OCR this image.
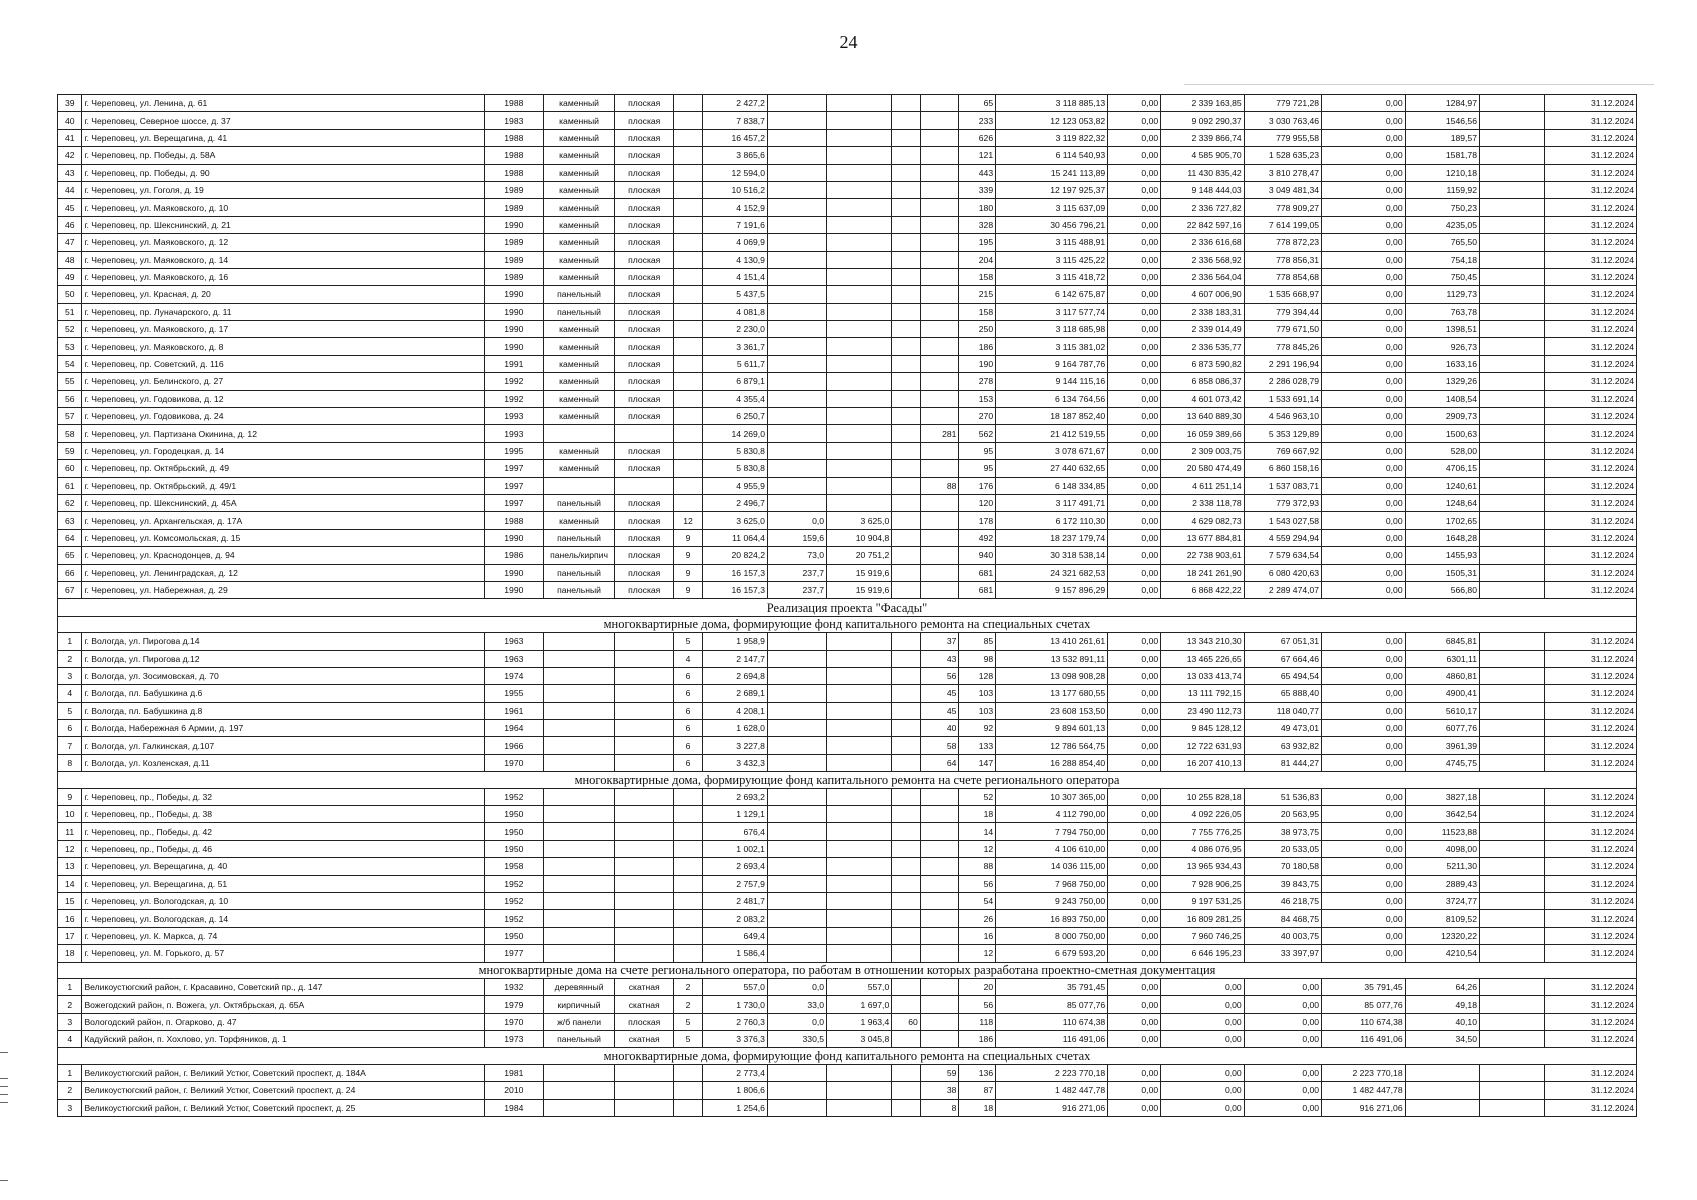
24
39	г. Череповец, ул. Ленина, д. 61	1988	каменный	плоская		2 427,2					65	3 118 885,13	0,00	2 339 163,85	779 721,28	0,00	1284,97		31.12.2024
40	г. Череповец, Северное шоссе, д. 37	1983	каменный	плоская		7 838,7					233	12 123 053,82	0,00	9 092 290,37	3 030 763,46	0,00	1546,56		31.12.2024
41	г. Череповец, ул. Верещагина, д. 41	1988	каменный	плоская		16 457,2					626	3 119 822,32	0,00	2 339 866,74	779 955,58	0,00	189,57		31.12.2024
42	г. Череповец, пр. Победы, д. 58А	1988	каменный	плоская		3 865,6					121	6 114 540,93	0,00	4 585 905,70	1 528 635,23	0,00	1581,78		31.12.2024
43	г. Череповец, пр. Победы, д. 90	1988	каменный	плоская		12 594,0					443	15 241 113,89	0,00	11 430 835,42	3 810 278,47	0,00	1210,18		31.12.2024
44	г. Череповец, ул. Гоголя, д. 19	1989	каменный	плоская		10 516,2					339	12 197 925,37	0,00	9 148 444,03	3 049 481,34	0,00	1159,92		31.12.2024
45	г. Череповец, ул. Маяковского, д. 10	1989	каменный	плоская		4 152,9					180	3 115 637,09	0,00	2 336 727,82	778 909,27	0,00	750,23		31.12.2024
46	г. Череповец, пр. Шекснинский, д. 21	1990	каменный	плоская		7 191,6					328	30 456 796,21	0,00	22 842 597,16	7 614 199,05	0,00	4235,05		31.12.2024
47	г. Череповец, ул. Маяковского, д. 12	1989	каменный	плоская		4 069,9					195	3 115 488,91	0,00	2 336 616,68	778 872,23	0,00	765,50		31.12.2024
48	г. Череповец, ул. Маяковского, д. 14	1989	каменный	плоская		4 130,9					204	3 115 425,22	0,00	2 336 568,92	778 856,31	0,00	754,18		31.12.2024
49	г. Череповец, ул. Маяковского, д. 16	1989	каменный	плоская		4 151,4					158	3 115 418,72	0,00	2 336 564,04	778 854,68	0,00	750,45		31.12.2024
50	г. Череповец, ул. Красная, д. 20	1990	панельный	плоская		5 437,5					215	6 142 675,87	0,00	4 607 006,90	1 535 668,97	0,00	1129,73		31.12.2024
51	г. Череповец, пр. Луначарского, д. 11	1990	панельный	плоская		4 081,8					158	3 117 577,74	0,00	2 338 183,31	779 394,44	0,00	763,78		31.12.2024
52	г. Череповец, ул. Маяковского, д. 17	1990	каменный	плоская		2 230,0					250	3 118 685,98	0,00	2 339 014,49	779 671,50	0,00	1398,51		31.12.2024
53	г. Череповец, ул. Маяковского, д. 8	1990	каменный	плоская		3 361,7					186	3 115 381,02	0,00	2 336 535,77	778 845,26	0,00	926,73		31.12.2024
54	г. Череповец, пр. Советский, д. 116	1991	каменный	плоская		5 611,7					190	9 164 787,76	0,00	6 873 590,82	2 291 196,94	0,00	1633,16		31.12.2024
55	г. Череповец, ул. Белинского, д. 27	1992	каменный	плоская		6 879,1					278	9 144 115,16	0,00	6 858 086,37	2 286 028,79	0,00	1329,26		31.12.2024
56	г. Череповец, ул. Годовикова, д. 12	1992	каменный	плоская		4 355,4					153	6 134 764,56	0,00	4 601 073,42	1 533 691,14	0,00	1408,54		31.12.2024
57	г. Череповец, ул. Годовикова, д. 24	1993	каменный	плоская		6 250,7					270	18 187 852,40	0,00	13 640 889,30	4 546 963,10	0,00	2909,73		31.12.2024
58	г. Череповец, ул. Партизана Окинина, д. 12	1993				14 269,0				281	562	21 412 519,55	0,00	16 059 389,66	5 353 129,89	0,00	1500,63		31.12.2024
59	г. Череповец, ул. Городецкая, д. 14	1995	каменный	плоская		5 830,8					95	3 078 671,67	0,00	2 309 003,75	769 667,92	0,00	528,00		31.12.2024
60	г. Череповец, пр. Октябрьский, д. 49	1997	каменный	плоская		5 830,8					95	27 440 632,65	0,00	20 580 474,49	6 860 158,16	0,00	4706,15		31.12.2024
61	г. Череповец, пр. Октябрьский, д. 49/1	1997				4 955,9				88	176	6 148 334,85	0,00	4 611 251,14	1 537 083,71	0,00	1240,61		31.12.2024
62	г. Череповец, пр. Шекснинский, д. 45А	1997	панельный	плоская		2 496,7					120	3 117 491,71	0,00	2 338 118,78	779 372,93	0,00	1248,64		31.12.2024
63	г. Череповец, ул. Архангельская, д. 17А	1988	каменный	плоская	12	3 625,0	0,0	3 625,0			178	6 172 110,30	0,00	4 629 082,73	1 543 027,58	0,00	1702,65		31.12.2024
64	г. Череповец, ул. Комсомольская, д. 15	1990	панельный	плоская	9	11 064,4	159,6	10 904,8			492	18 237 179,74	0,00	13 677 884,81	4 559 294,94	0,00	1648,28		31.12.2024
65	г. Череповец, ул. Краснодонцев, д. 94	1986	панель/кирпич	плоская	9	20 824,2	73,0	20 751,2			940	30 318 538,14	0,00	22 738 903,61	7 579 634,54	0,00	1455,93		31.12.2024
66	г. Череповец, ул. Ленинградская, д. 12	1990	панельный	плоская	9	16 157,3	237,7	15 919,6			681	24 321 682,53	0,00	18 241 261,90	6 080 420,63	0,00	1505,31		31.12.2024
67	г. Череповец, ул. Набережная, д. 29	1990	панельный	плоская	9	16 157,3	237,7	15 919,6			681	9 157 896,29	0,00	6 868 422,22	2 289 474,07	0,00	566,80		31.12.2024
Реализация проекта "Фасады"																			
многоквартирные дома, формирующие фонд капитального ремонта на специальных счетах																			
1	г. Вологда, ул. Пирогова д.14	1963			5	1 958,9				37	85	13 410 261,61	0,00	13 343 210,30	67 051,31	0,00	6845,81		31.12.2024
2	г. Вологда, ул. Пирогова д.12	1963			4	2 147,7				43	98	13 532 891,11	0,00	13 465 226,65	67 664,46	0,00	6301,11		31.12.2024
3	г. Вологда, ул. Зосимовская, д. 70	1974			6	2 694,8				56	128	13 098 908,28	0,00	13 033 413,74	65 494,54	0,00	4860,81		31.12.2024
4	г. Вологда, пл. Бабушкина д.6	1955			6	2 689,1				45	103	13 177 680,55	0,00	13 111 792,15	65 888,40	0,00	4900,41		31.12.2024
5	г. Вологда, пл. Бабушкина д.8	1961			6	4 208,1				45	103	23 608 153,50	0,00	23 490 112,73	118 040,77	0,00	5610,17		31.12.2024
6	г. Вологда, Набережная 6 Армии, д. 197	1964			6	1 628,0				40	92	9 894 601,13	0,00	9 845 128,12	49 473,01	0,00	6077,76		31.12.2024
7	г. Вологда, ул. Галкинская, д.107	1966			6	3 227,8				58	133	12 786 564,75	0,00	12 722 631,93	63 932,82	0,00	3961,39		31.12.2024
8	г. Вологда, ул. Козленская, д.11	1970			6	3 432,3				64	147	16 288 854,40	0,00	16 207 410,13	81 444,27	0,00	4745,75		31.12.2024
многоквартирные дома, формирующие фонд капитального ремонта на счете регионального оператора																			
9	г. Череповец, пр., Победы, д. 32	1952				2 693,2					52	10 307 365,00	0,00	10 255 828,18	51 536,83	0,00	3827,18		31.12.2024
10	г. Череповец, пр., Победы, д. 38	1950				1 129,1					18	4 112 790,00	0,00	4 092 226,05	20 563,95	0,00	3642,54		31.12.2024
11	г. Череповец, пр., Победы, д. 42	1950				676,4					14	7 794 750,00	0,00	7 755 776,25	38 973,75	0,00	11523,88		31.12.2024
12	г. Череповец, пр., Победы, д. 46	1950				1 002,1					12	4 106 610,00	0,00	4 086 076,95	20 533,05	0,00	4098,00		31.12.2024
13	г. Череповец, ул. Верещагина, д. 40	1958				2 693,4					88	14 036 115,00	0,00	13 965 934,43	70 180,58	0,00	5211,30		31.12.2024
14	г. Череповец, ул. Верещагина, д. 51	1952				2 757,9					56	7 968 750,00	0,00	7 928 906,25	39 843,75	0,00	2889,43		31.12.2024
15	г. Череповец, ул. Вологодская, д. 10	1952				2 481,7					54	9 243 750,00	0,00	9 197 531,25	46 218,75	0,00	3724,77		31.12.2024
16	г. Череповец, ул. Вологодская, д. 14	1952				2 083,2					26	16 893 750,00	0,00	16 809 281,25	84 468,75	0,00	8109,52		31.12.2024
17	г. Череповец, ул. К. Маркса, д. 74	1950				649,4					16	8 000 750,00	0,00	7 960 746,25	40 003,75	0,00	12320,22		31.12.2024
18	г. Череповец, ул. М. Горького, д. 57	1977				1 586,4					12	6 679 593,20	0,00	6 646 195,23	33 397,97	0,00	4210,54		31.12.2024
многоквартирные дома на счете регионального оператора, по работам в отношении которых разработана проектно-сметная документация																			
1	Великоустюгский район, г. Красавино, Советский пр., д. 147	1932	деревянный	скатная	2	557,0	0,0	557,0			20	35 791,45	0,00	0,00	0,00	35 791,45	64,26		31.12.2024
2	Вожегодский район, п. Вожега, ул. Октябрьская, д. 65А	1979	кирпичный	скатная	2	1 730,0	33,0	1 697,0			56	85 077,76	0,00	0,00	0,00	85 077,76	49,18		31.12.2024
3	Вологодский район, п. Огарково, д. 47	1970	ж/б панели	плоская	5	2 760,3	0,0	1 963,4	60		118	110 674,38	0,00	0,00	0,00	110 674,38	40,10		31.12.2024
4	Кадуйский район, п. Хохлово, ул. Торфяников, д. 1	1973	панельный	скатная	5	3 376,3	330,5	3 045,8			186	116 491,06	0,00	0,00	0,00	116 491,06	34,50		31.12.2024
многоквартирные дома, формирующие фонд капитального ремонта на специальных счетах																			
1	Великоустюгский район, г. Великий Устюг, Советский проспект, д. 184А	1981				2 773,4				59	136	2 223 770,18	0,00	0,00	0,00	2 223 770,18			31.12.2024
2	Великоустюгский район, г. Великий Устюг, Советский проспект, д. 24	2010				1 806,6				38	87	1 482 447,78	0,00	0,00	0,00	1 482 447,78			31.12.2024
3	Великоустюгский район, г. Великий Устюг, Советский проспект, д. 25	1984				1 254,6				8	18	916 271,06	0,00	0,00	0,00	916 271,06			31.12.2024
